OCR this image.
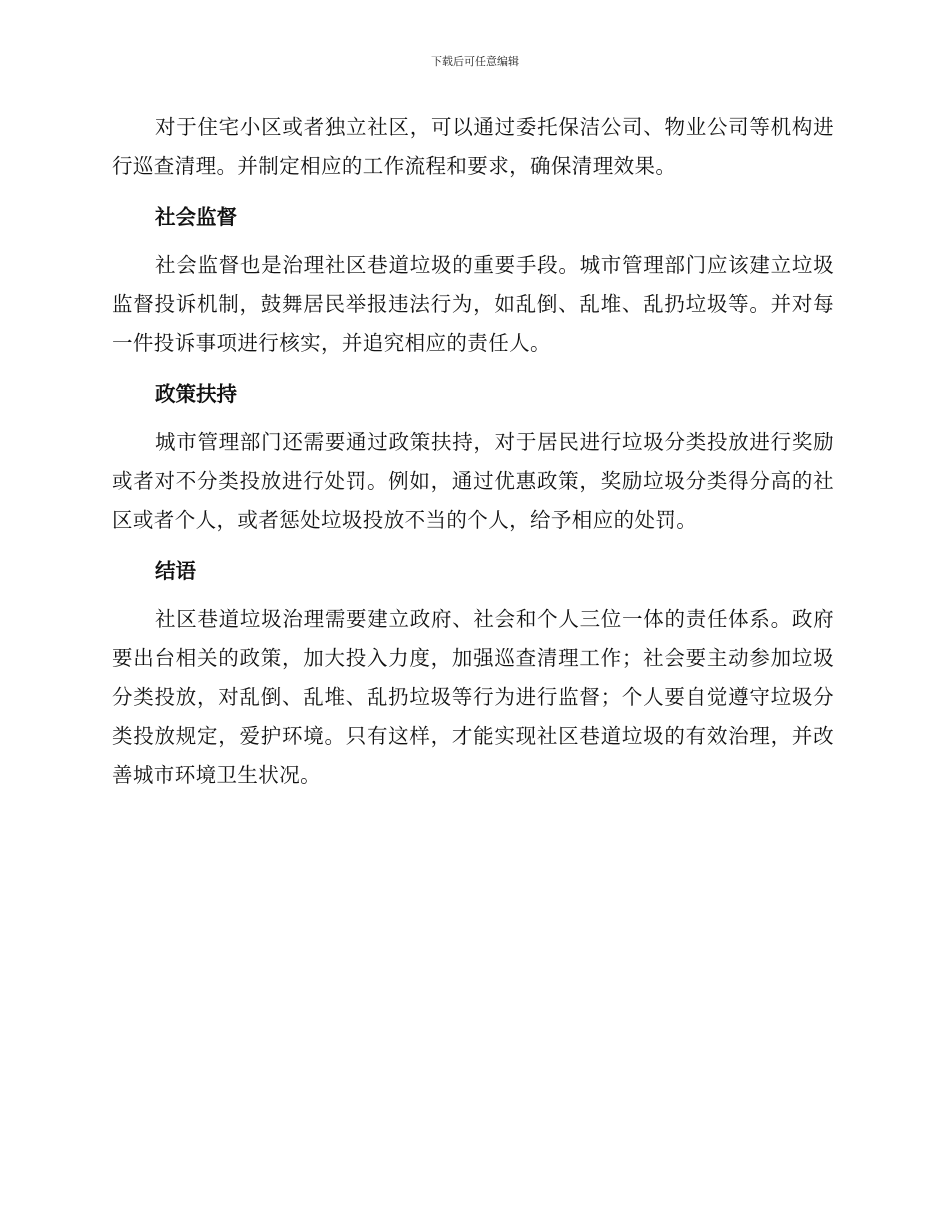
下载后可任意编辑

对于住宅小区或者独立社区，可以通过委托保洁公司、物业公司等机构进行巡查清理。并制定相应的工作流程和要求，确保清理效果。

社会监督

社会监督也是治理社区巷道垃圾的重要手段。城市管理部门应该建立垃圾监督投诉机制，鼓舞居民举报违法行为，如乱倒、乱堆、乱扔垃圾等。并对每一件投诉事项进行核实，并追究相应的责任人。

政策扶持

城市管理部门还需要通过政策扶持，对于居民进行垃圾分类投放进行奖励或者对不分类投放进行处罚。例如，通过优惠政策，奖励垃圾分类得分高的社区或者个人，或者惩处垃圾投放不当的个人，给予相应的处罚。

结语

社区巷道垃圾治理需要建立政府、社会和个人三位一体的责任体系。政府要出台相关的政策，加大投入力度，加强巡查清理工作；社会要主动参加垃圾分类投放，对乱倒、乱堆、乱扔垃圾等行为进行监督；个人要自觉遵守垃圾分类投放规定，爱护环境。只有这样，才能实现社区巷道垃圾的有效治理，并改善城市环境卫生状况。
